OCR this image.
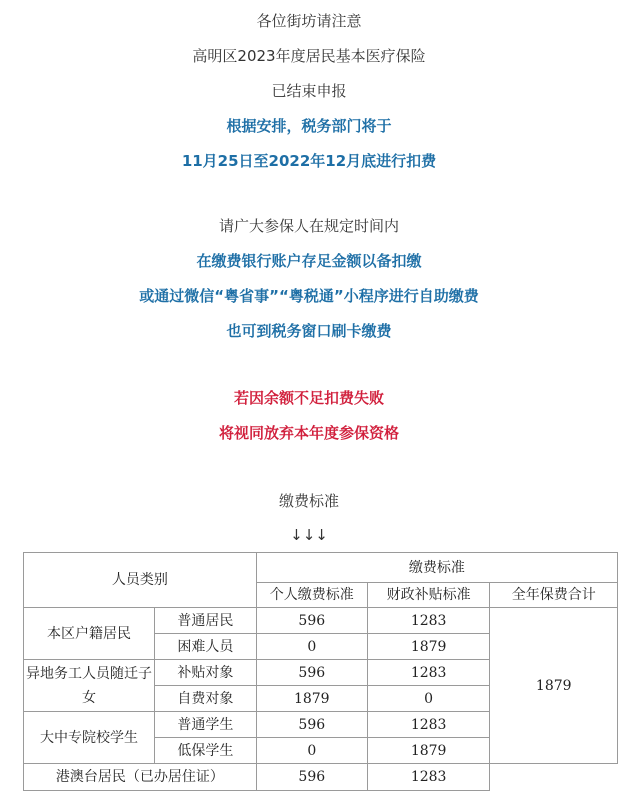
各位街坊请注意
高明区2023年度居民基本医疗保险
已结束申报
根据安排，税务部门将于
11月25日至2022年12月底进行扣费
请广大参保人在规定时间内
在缴费银行账户存足金额以备扣缴
或通过微信“粤省事”“粤税通”小程序进行自助缴费
也可到税务窗口刷卡缴费
若因余额不足扣费失败
将视同放弃本年度参保资格
缴费标准
↓↓↓
人员类别		缴费标准		
		个人缴费标准	财政补贴标准	全年保费合计
本区户籍居民	普通居民	596	1283	1879
	困难人员	0	1879	
异地务工人员随迁子女	补贴对象	596	1283	
	自费对象	1879	0	
大中专院校学生	普通学生	596	1283	
	低保学生	0	1879	
港澳台居民（已办居住证）		596	1283	
